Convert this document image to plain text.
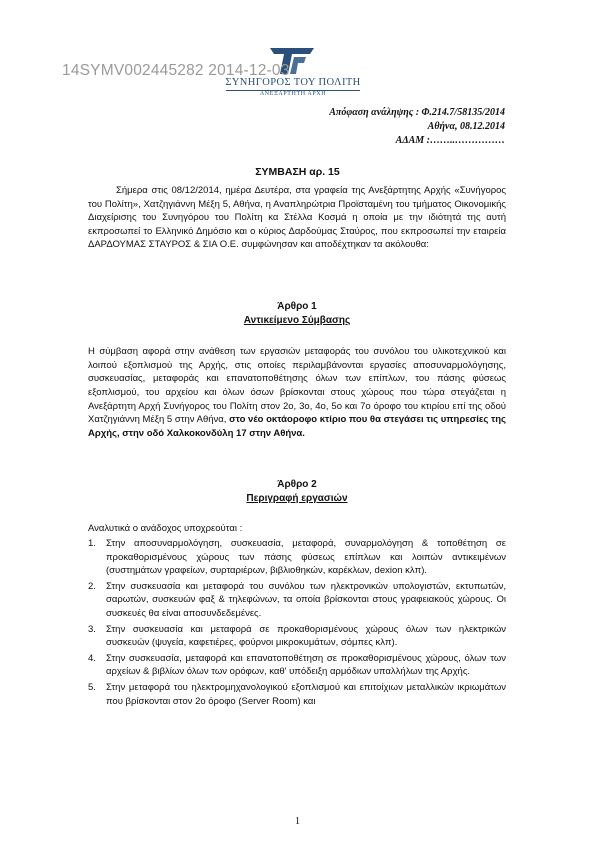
14SYMV002445282 2014-12-03
ΣΥΝΗΓΟΡΟΣ ΤΟΥ ΠΟΛΙΤΗ
ΑΝΕΞΑΡΤΗΤΗ ΑΡΧΗ
Απόφαση ανάληψης : Φ.214.7/58135/2014
Αθήνα, 08.12.2014
ΑΔΑΜ :……..……………
ΣΥΜΒΑΣΗ αρ. 15

Σήμερα στις 08/12/2014, ημέρα Δευτέρα, στα γραφεία της Ανεξάρτητης Αρχής «Συνήγορος του Πολίτη», Χατζηγιάννη Μέξη 5, Αθήνα, η Αναπληρώτρια Προϊσταμένη του τμήματος Οικονομικής Διαχείρισης του Συνηγόρου του Πολίτη κα Στέλλα Κοσμά η οποία με την ιδιότητά της αυτή εκπροσωπεί το Ελληνικό Δημόσιο και ο κύριος Δαρδούμας Σταύρος, που εκπροσωπεί την εταιρεία ΔΑΡΔΟΥΜΑΣ ΣΤΑΥΡΟΣ & ΣΙΑ Ο.Ε. συμφώνησαν και αποδέχτηκαν τα ακόλουθα:

Άρθρο 1
Αντικείμενο Σύμβασης

Η σύμβαση αφορά στην ανάθεση των εργασιών μεταφοράς του συνόλου του υλικοτεχνικού και λοιπού εξοπλισμού της Αρχής, στις οποίες περιλαμβάνονται εργασίες αποσυναρμολόγησης, συσκευασίας, μεταφοράς και επανατοποθέτησης όλων των επίπλων, του πάσης φύσεως εξοπλισμού, του αρχείου και όλων όσων βρίσκονται στους χώρους που τώρα στεγάζεται η Ανεξάρτητη Αρχή Συνήγορος του Πολίτη στον 2ο, 3ο, 4ο, 5ο και 7ο όροφο του κτιρίου επί της οδού Χατζηγιάννη Μέξη 5 στην Αθήνα, στο νέο οκτάοροφο κτίριο που θα στεγάσει τις υπηρεσίες της Αρχής, στην οδό Χαλκοκονδύλη 17 στην Αθήνα.

Άρθρο 2
Περιγραφή εργασιών

Αναλυτικά ο ανάδοχος υποχρεούται :

1. Στην αποσυναρμολόγηση, συσκευασία, μεταφορά, συναρμολόγηση & τοποθέτηση σε προκαθορισμένους χώρους των πάσης φύσεως επίπλων και λοιπών αντικειμένων (συστημάτων γραφείων, συρταριέρων, βιβλιοθηκών, καρέκλων, dexion κλπ).
2. Στην συσκευασία και μεταφορά του συνόλου των ηλεκτρονικών υπολογιστών, εκτυπωτών, σαρωτών, συσκευών φαξ & τηλεφώνων, τα οποία βρίσκονται στους γραφειακούς χώρους. Οι συσκευές θα είναι αποσυνδεδεμένες.
3. Στην συσκευασία και μεταφορά σε προκαθορισμένους χώρους όλων των ηλεκτρικών συσκευών (ψυγεία, καφετιέρες, φούρνοι μικροκυμάτων, σόμπες κλπ).
4. Στην συσκευασία, μεταφορά και επανατοποθέτηση σε προκαθορισμένους χώρους, όλων των αρχείων & βιβλίων όλων των ορόφων, καθ' υπόδειξη αρμόδιων υπαλλήλων της Αρχής.
5. Στην μεταφορά του ηλεκτρομηχανολογικού εξοπλισμού και επιτοίχιων μεταλλικών ικριωμάτων που βρίσκονται στον 2ο όροφο (Server Room) και
1
